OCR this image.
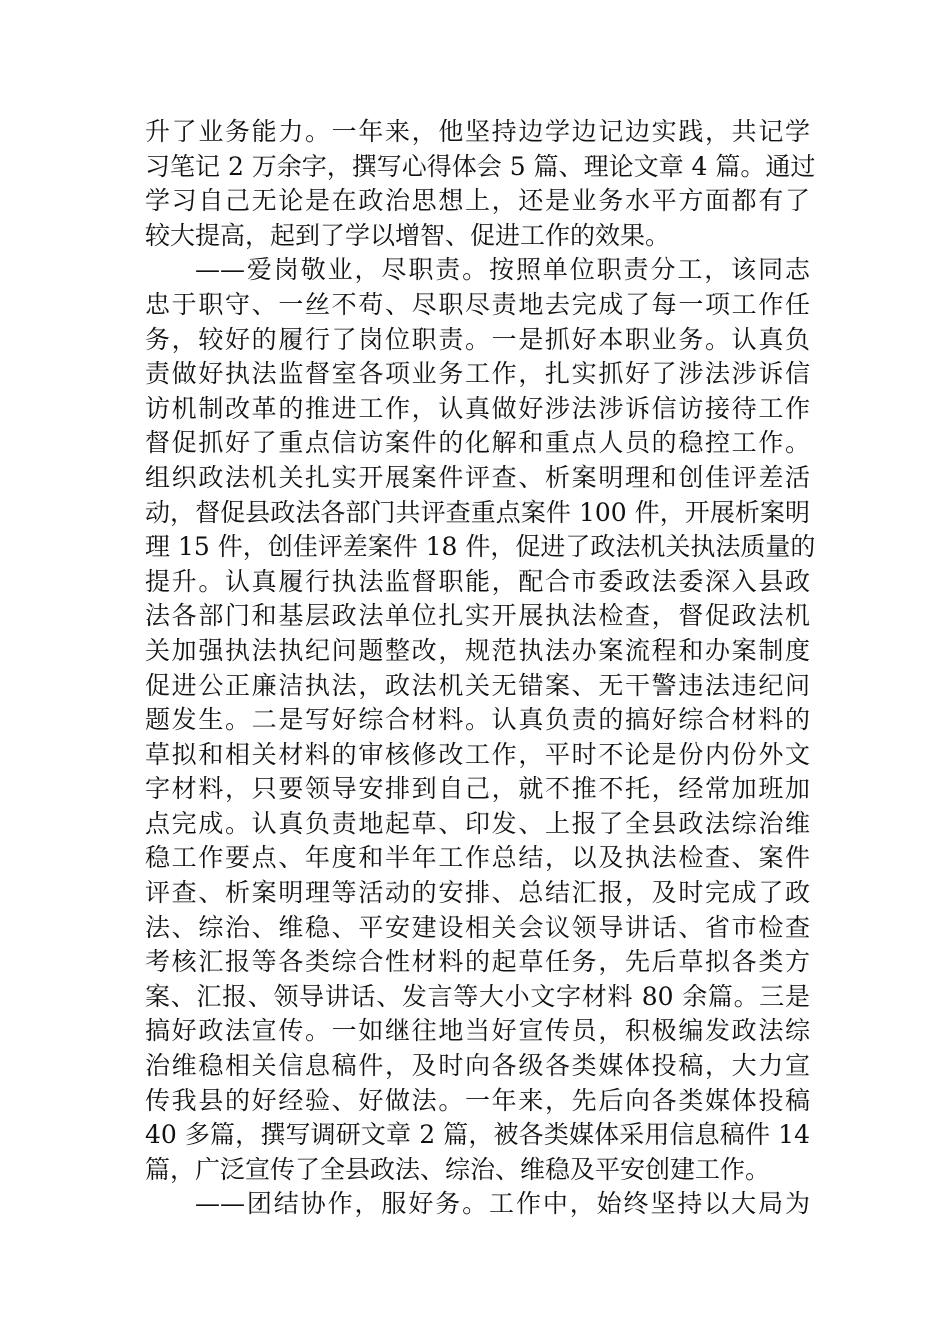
升了业务能力。一年来，他坚持边学边记边实践，共记学
习笔记 2 万余字，撰写心得体会 5 篇、理论文章 4 篇。通过
学习自己无论是在政治思想上，还是业务水平方面都有了
较大提高，起到了学以增智、促进工作的效果。
——爱岗敬业，尽职责。按照单位职责分工，该同志
忠于职守、一丝不苟、尽职尽责地去完成了每一项工作任
务，较好的履行了岗位职责。一是抓好本职业务。认真负
责做好执法监督室各项业务工作，扎实抓好了涉法涉诉信
访机制改革的推进工作，认真做好涉法涉诉信访接待工作
督促抓好了重点信访案件的化解和重点人员的稳控工作。
组织政法机关扎实开展案件评查、析案明理和创佳评差活
动，督促县政法各部门共评查重点案件 100 件，开展析案明
理 15 件，创佳评差案件 18 件，促进了政法机关执法质量的
提升。认真履行执法监督职能，配合市委政法委深入县政
法各部门和基层政法单位扎实开展执法检查，督促政法机
关加强执法执纪问题整改，规范执法办案流程和办案制度
促进公正廉洁执法，政法机关无错案、无干警违法违纪问
题发生。二是写好综合材料。认真负责的搞好综合材料的
草拟和相关材料的审核修改工作，平时不论是份内份外文
字材料，只要领导安排到自己，就不推不托，经常加班加
点完成。认真负责地起草、印发、上报了全县政法综治维
稳工作要点、年度和半年工作总结，以及执法检查、案件
评查、析案明理等活动的安排、总结汇报，及时完成了政
法、综治、维稳、平安建设相关会议领导讲话、省市检查
考核汇报等各类综合性材料的起草任务，先后草拟各类方
案、汇报、领导讲话、发言等大小文字材料 80 余篇。三是
搞好政法宣传。一如继往地当好宣传员，积极编发政法综
治维稳相关信息稿件，及时向各级各类媒体投稿，大力宣
传我县的好经验、好做法。一年来，先后向各类媒体投稿
40 多篇，撰写调研文章 2 篇，被各类媒体采用信息稿件 14
篇，广泛宣传了全县政法、综治、维稳及平安创建工作。
——团结协作，服好务。工作中，始终坚持以大局为
